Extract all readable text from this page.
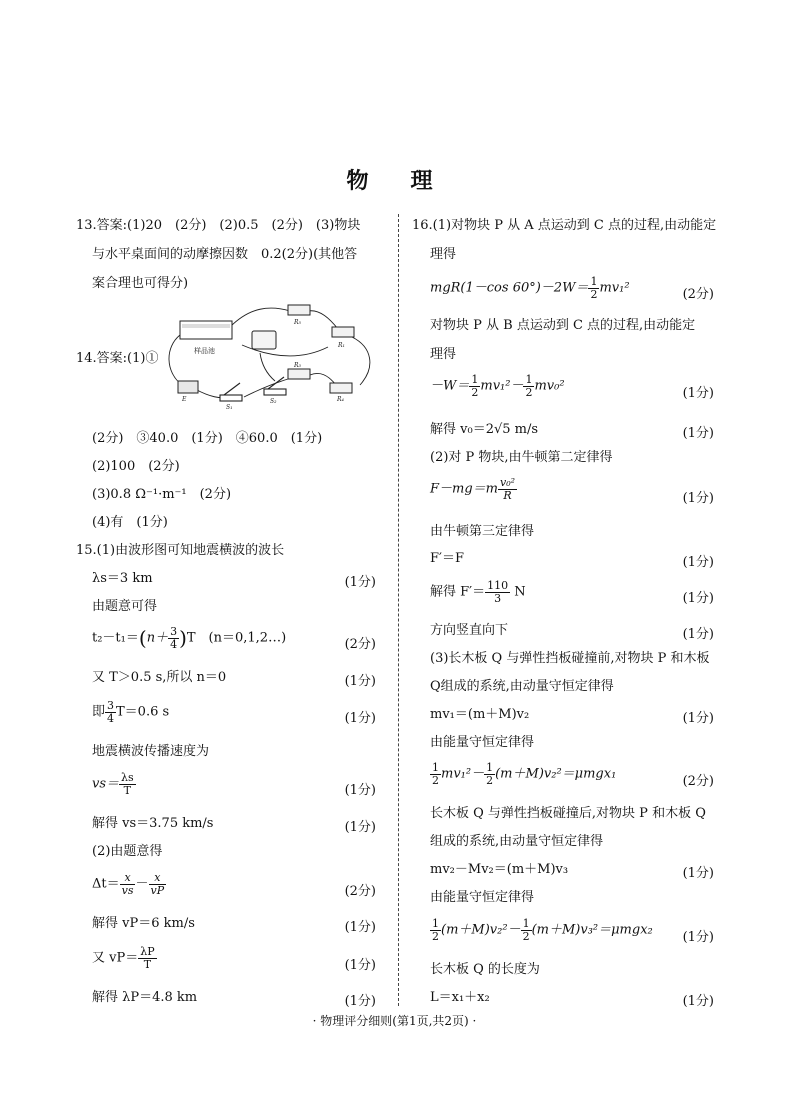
物　理
13.答案:(1)20　(2分)　(2)0.5　(2分)　(3)物块
与水平桌面间的动摩擦因数　0.2(2分)(其他答
案合理也可得分)
样品池
R₅
R₁
R₃
R₄
E
S₁
S₂
14.答案:(1)①
(2分)　③40.0　(1分)　④60.0　(1分)
(2)100　(2分)
(3)0.8 Ω⁻¹·m⁻¹　(2分)
(4)有　(1分)
15.(1)由波形图可知地震横波的波长
λs＝3 km	(1分)
由题意可得
$t_2-t_1=(n+ \frac{3}{4} )T$　(n＝0,1,2…)	(2分)
又 T＞0.5 s,所以 n＝0	(1分)
即 $\frac{3}{4} T=0.6$ s	(1分)
地震横波传播速度为
$vs= \frac{\lambda s}{T}$	(1分)
解得 vs＝3.75 km/s	(1分)
(2)由题意得
$\Delta t= \frac{x}{vs} - \frac{x}{vP}$	(2分)
解得 vP＝6 km/s	(1分)
又 $vP= \frac{\lambda P}{T}$	(1分)
解得 λP＝4.8 km	(1分)
16.(1)对物块 P 从 A 点运动到 C 点的过程,由动能定
理得
mgR(1－cos $60^\circ)-2W= \frac{1}{2} mv_1^2$	(2分)
对物块 P 从 B 点运动到 C 点的过程,由动能定
理得
$-W= \frac{1}{2} mv_1^2- \frac{1}{2} mv_0^2$	(1分)
解得 v₀＝2√5 m/s	(1分)
(2)对 P 物块,由牛顿第二定律得
$F-mg=m \frac{\text{v₀²}}{R}$	(1分)
由牛顿第三定律得
F′＝F	(1分)
解得 $F'= \frac{110}{3}$ N	(1分)
方向竖直向下	(1分)
(3)长木板 Q 与弹性挡板碰撞前,对物块 P 和木板
Q组成的系统,由动量守恒定律得
mv₁＝(m＋M)v₂	(1分)
由能量守恒定律得
$\frac{1}{2} mv_1^2- \frac{1}{2} (m+M)v_2^2=\mu mgx_1$	(2分)
长木板 Q 与弹性挡板碰撞后,对物块 P 和木板 Q
组成的系统,由动量守恒定律得
mv₂－Mv₂＝(m＋M)v₃	(1分)
由能量守恒定律得
$\frac{1}{2} (m+M)v_2^2- \frac{1}{2} (m+M)v_3^2=\mu mgx_2$	(1分)
长木板 Q 的长度为
L＝x₁＋x₂	(1分)
· 物理评分细则(第1页,共2页) ·
